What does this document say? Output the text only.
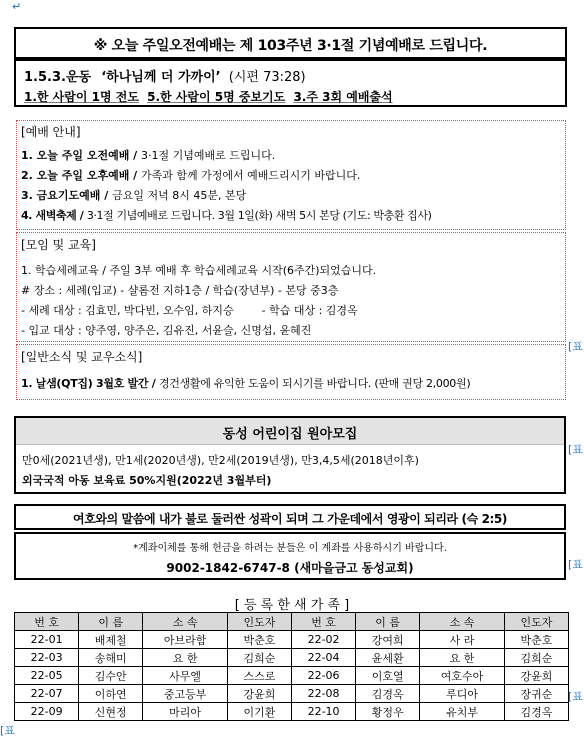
↵
※ 오늘 주일오전예배는 제 103주년 3·1절 기념예배로 드립니다.
1.5.3.운동 ‘하나님께 더 가까이’ (시편 73:28)
1.한 사람이 1명 전도 5.한 사람이 5명 중보기도 3.주 3회 예배출석
[예배 안내]
1. 오늘 주일 오전예배 / 3·1절 기념예배로 드립니다.
2. 오늘 주일 오후예배 / 가족과 함께 가정에서 예배드리시기 바랍니다.
3. 금요기도예배 / 금요일 저녁 8시 45분, 본당
4. 새벽축제 / 3·1절 기념예배로 드립니다. 3월 1일(화) 새벽 5시 본당 (기도: 박충환 집사)
[모임 및 교육]
1. 학습세례교육 / 주일 3부 예배 후 학습세례교육 시작(6주간)되었습니다.
# 장소 : 세례(입교) - 샬롬전 지하1층 / 학습(장년부) - 본당 중3층
- 세례 대상 : 김효민, 박다빈, 오수임, 하지승        - 학습 대상 : 김경옥
- 입교 대상 : 양주영, 양주은, 김유진, 서윤슬, 신명섭, 윤혜진
[표
[일반소식 및 교우소식]
1. 날샘(QT집) 3월호 발간 / 경건생활에 유익한 도움이 되시기를 바랍니다. (판매 권당 2,000원)
동성 어린이집 원아모집
만0세(2021년생), 만1세(2020년생), 만2세(2019년생), 만3,4,5세(2018년이후)
외국국적 아동 보육료 50%지원(2022년 3월부터)
[표
여호와의 말씀에 내가 불로 둘러싼 성곽이 되며 그 가운데에서 영광이 되리라 (슥 2:5)
*계좌이체를 통해 헌금을 하려는 분들은 이 계좌를 사용하시기 바랍니다.
9002-1842-6747-8 (새마을금고 동성교회)	[표
[ 등 록 한 새 가 족 ]
번 호	이 름	소 속	인도자	번 호	이 름	소 속	인도자
22-01	배제철	아브라함	박춘호	22-02	강여희	사 라	박춘호
22-03	송해미	요 한	김희순	22-04	윤세환	요 한	김희순
22-05	김수안	사무엘	스스로	22-06	이호열	여호수아	강윤희
22-07	이하연	중고등부	강윤희	22-08	김경옥	루디아	장귀순
22-09	신현정	마리아	이기환	22-10	황정우	유치부	김경옥
[표
[표
